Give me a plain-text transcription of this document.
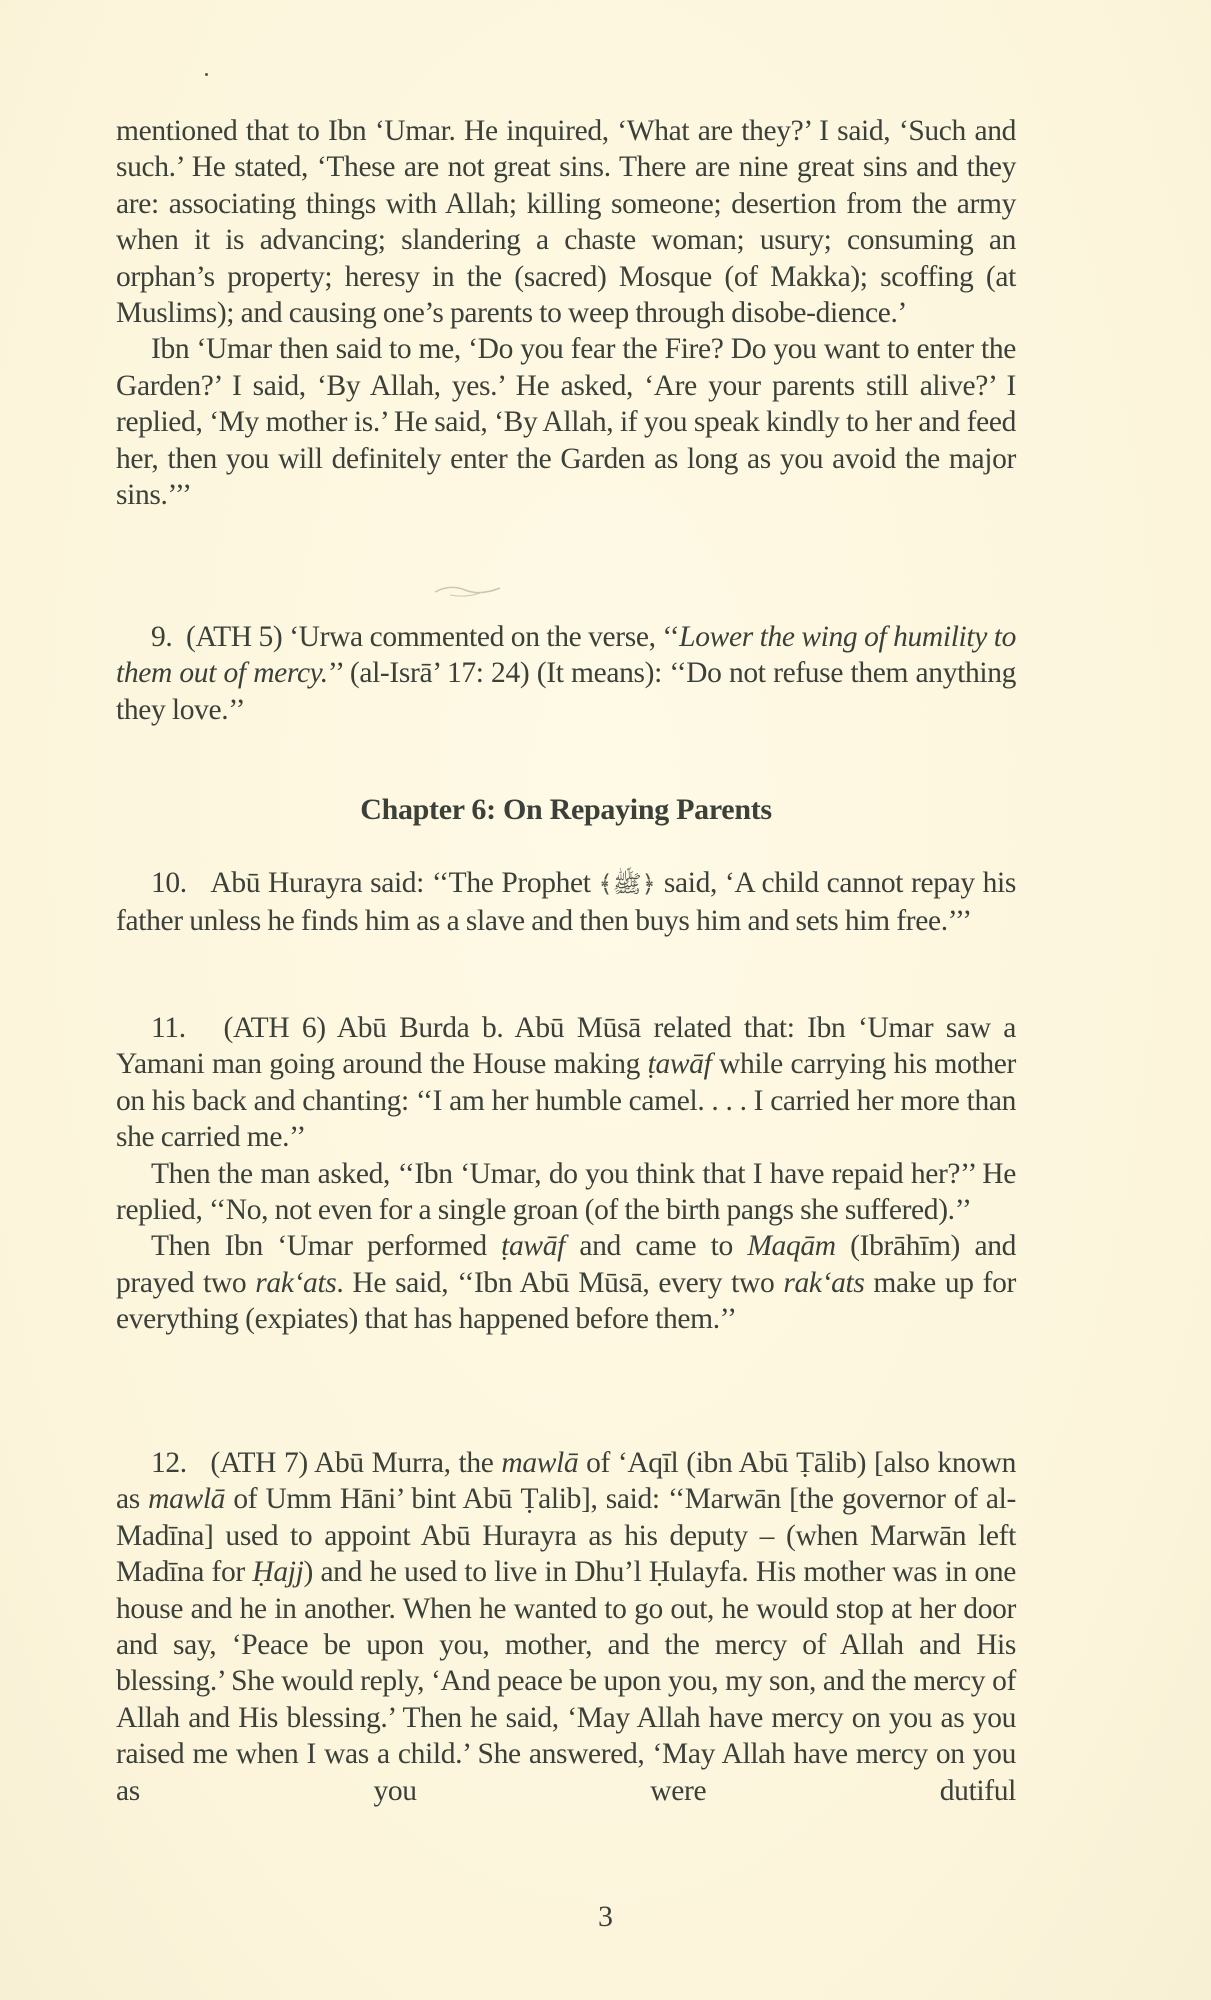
mentioned that to Ibn ‘Umar. He inquired, ‘What are they?’ I said, ‘Such and such.’ He stated, ‘These are not great sins. There are nine great sins and they are: associating things with Allah; killing someone; desertion from the army when it is advancing; slandering a chaste woman; usury; consuming an orphan’s property; heresy in the (sacred) Mosque (of Makka); scoffing (at Muslims); and causing one’s parents to weep through disobe-dience.’

Ibn ‘Umar then said to me, ‘Do you fear the Fire? Do you want to enter the Garden?’ I said, ‘By Allah, yes.’ He asked, ‘Are your parents still alive?’ I replied, ‘My mother is.’ He said, ‘By Allah, if you speak kindly to her and feed her, then you will definitely enter the Garden as long as you avoid the major sins.’’’

9. (ATH 5) ‘Urwa commented on the verse, ‘‘Lower the wing of humility to them out of mercy.’’ (al-Isrā’ 17: 24) (It means): ‘‘Do not refuse them anything they love.’’

Chapter 6: On Repaying Parents

10. Abū Hurayra said: ‘‘The Prophet ﴾ﷺ﴿ said, ‘A child cannot repay his father unless he finds him as a slave and then buys him and sets him free.’’’

11. (ATH 6) Abū Burda b. Abū Mūsā related that: Ibn ‘Umar saw a Yamani man going around the House making ṭawāf while carrying his mother on his back and chanting: ‘‘I am her humble camel. . . . I carried her more than she carried me.’’

Then the man asked, ‘‘Ibn ‘Umar, do you think that I have repaid her?’’ He replied, ‘‘No, not even for a single groan (of the birth pangs she suffered).’’

Then Ibn ‘Umar performed ṭawāf and came to Maqām (Ibrāhīm) and prayed two rak‘ats. He said, ‘‘Ibn Abū Mūsā, every two rak‘ats make up for everything (expiates) that has happened before them.’’

12. (ATH 7) Abū Murra, the mawlā of ‘Aqīl (ibn Abū Ṭālib) [also known as mawlā of Umm Hāni’ bint Abū Ṭalib], said: ‘‘Marwān [the governor of al-Madīna] used to appoint Abū Hurayra as his deputy – (when Marwān left Madīna for Ḥajj) and he used to live in Dhu’l Ḥulayfa. His mother was in one house and he in another. When he wanted to go out, he would stop at her door and say, ‘Peace be upon you, mother, and the mercy of Allah and His blessing.’ She would reply, ‘And peace be upon you, my son, and the mercy of Allah and His blessing.’ Then he said, ‘May Allah have mercy on you as you raised me when I was a child.’ She answered, ‘May Allah have mercy on you as you were dutiful

3
